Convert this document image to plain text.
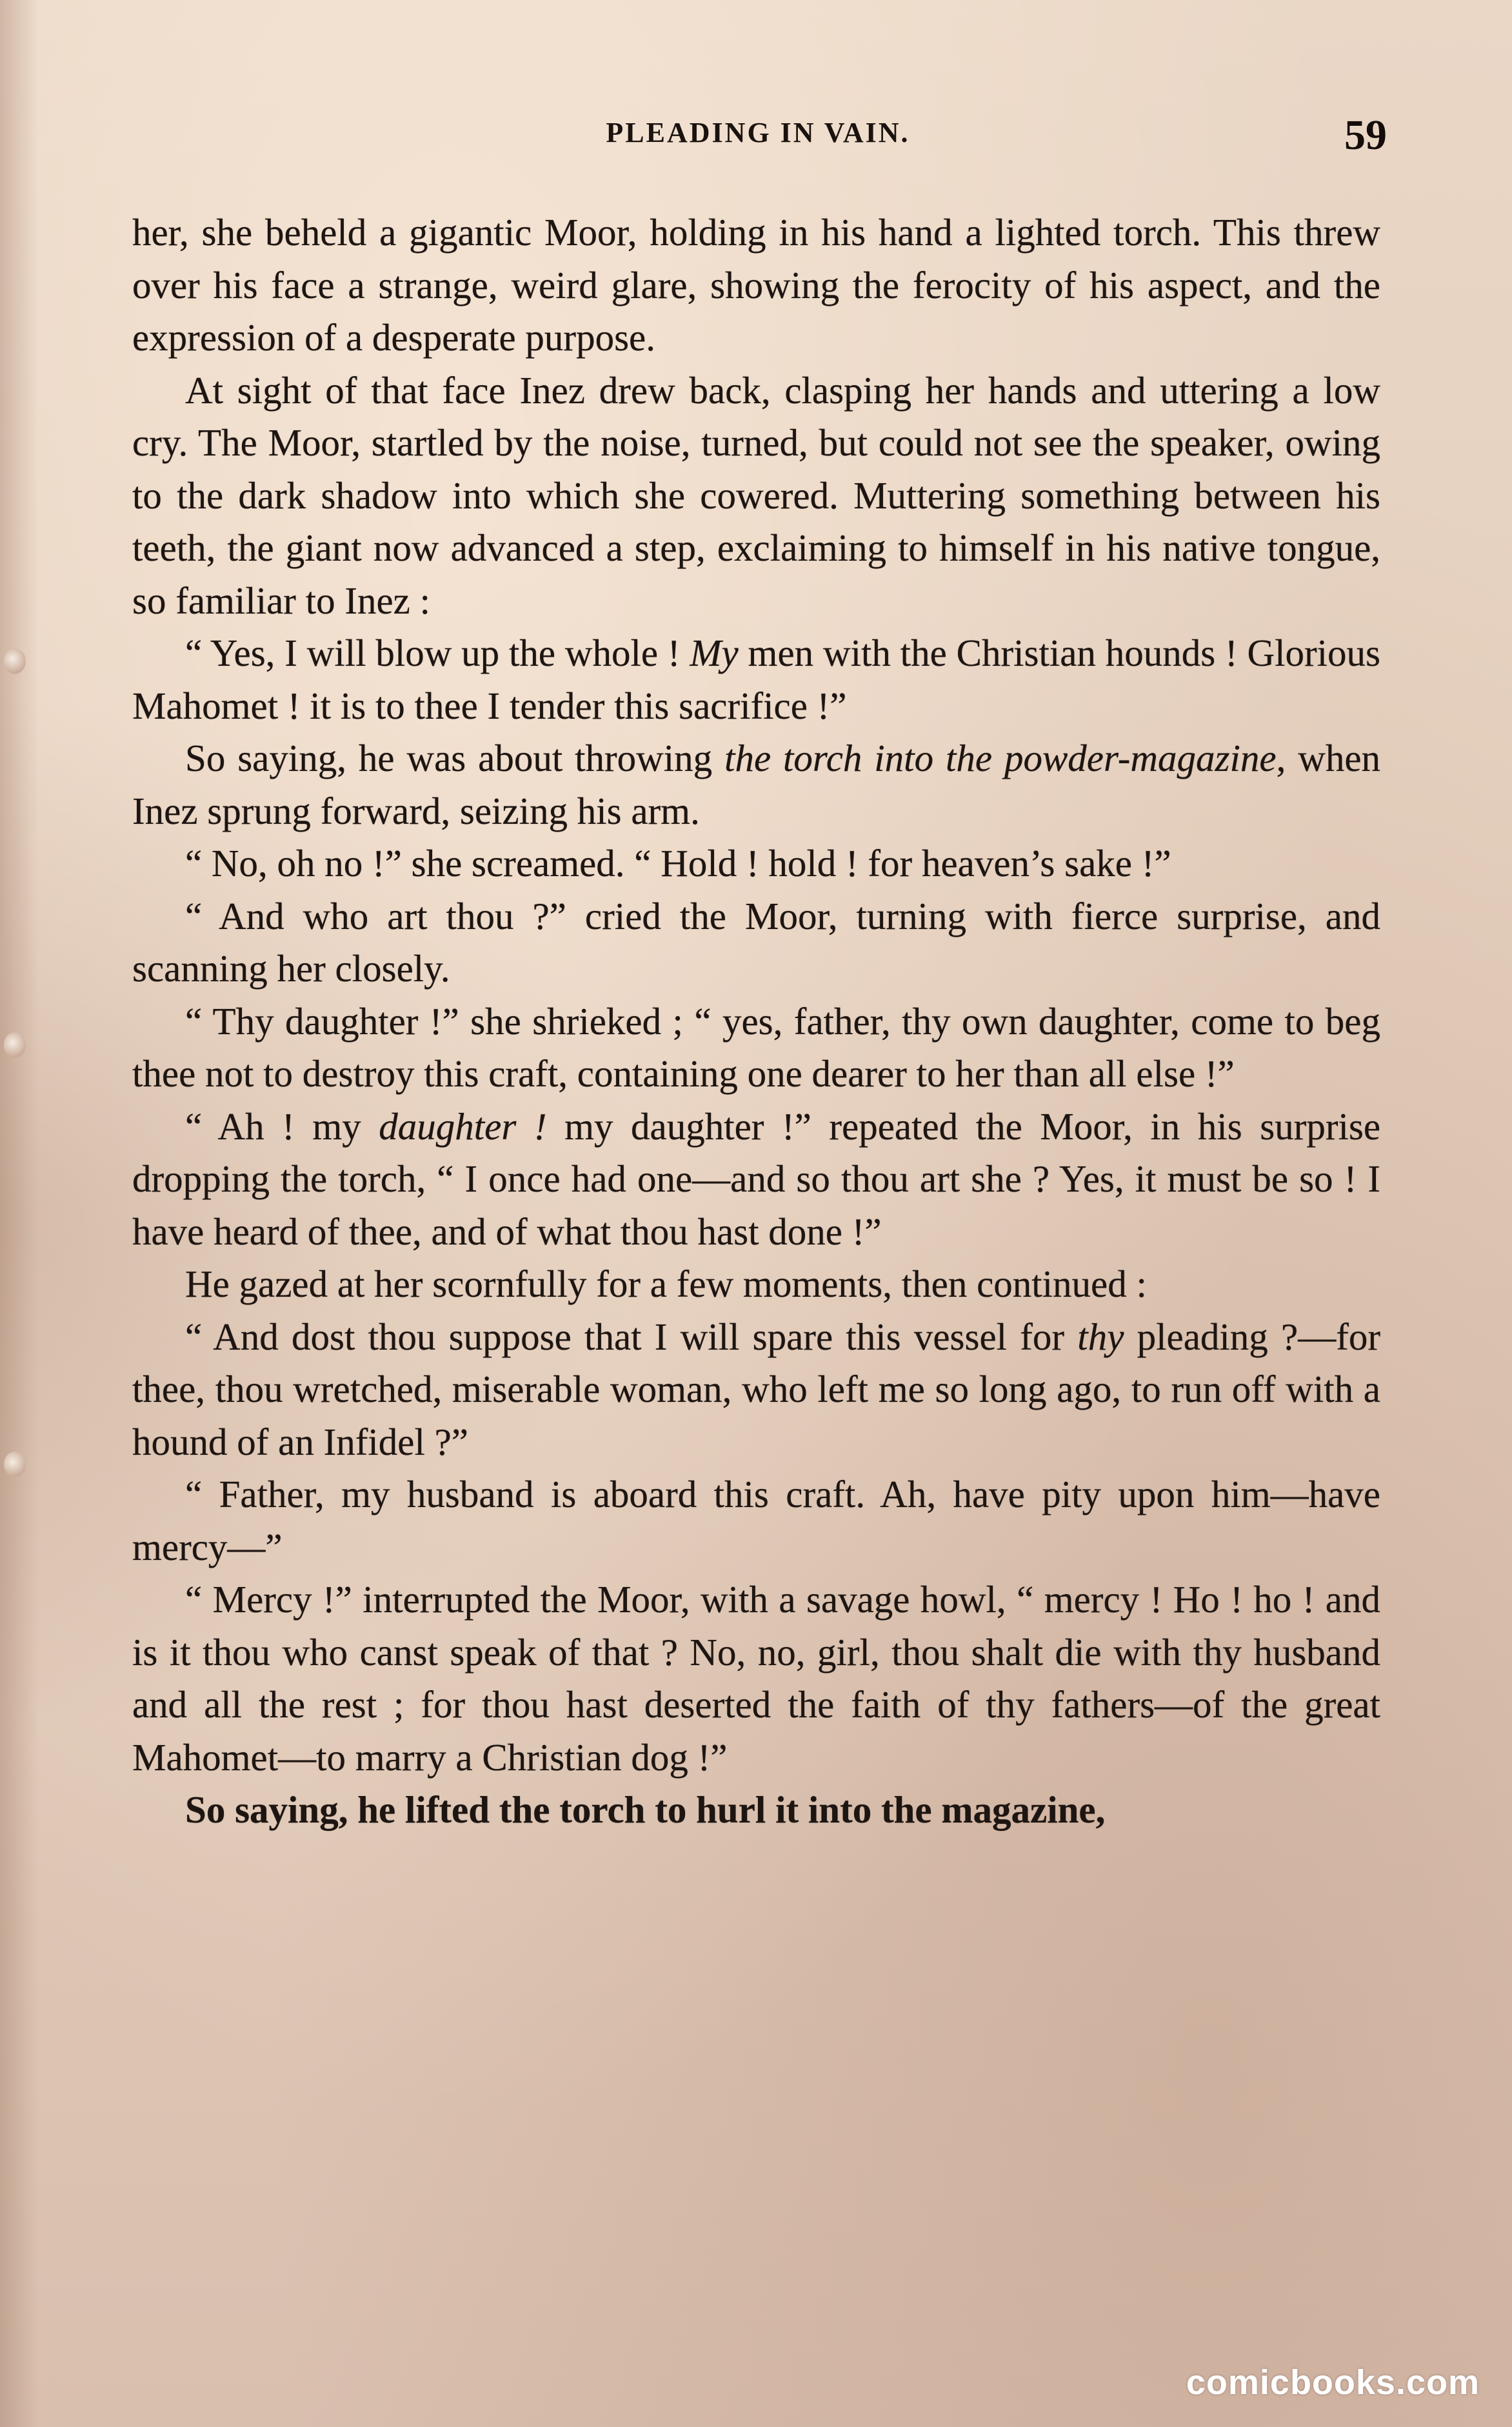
PLEADING IN VAIN.	59

her, she beheld a gigantic Moor, holding in his hand a lighted torch. This threw over his face a strange, weird glare, showing the ferocity of his aspect, and the expression of a desperate purpose.

At sight of that face Inez drew back, clasping her hands and uttering a low cry. The Moor, startled by the noise, turned, but could not see the speaker, owing to the dark shadow into which she cowered. Muttering something between his teeth, the giant now advanced a step, exclaiming to himself in his native tongue, so familiar to Inez :

“ Yes, I will blow up the whole ! My men with the Christian hounds ! Glorious Mahomet ! it is to thee I tender this sacrifice !”

So saying, he was about throwing the torch into the powder-magazine, when Inez sprung forward, seizing his arm.

“ No, oh no !” she screamed. “ Hold ! hold ! for heaven’s sake !”

“ And who art thou ?” cried the Moor, turning with fierce surprise, and scanning her closely.

“ Thy daughter !” she shrieked ; “ yes, father, thy own daughter, come to beg thee not to destroy this craft, containing one dearer to her than all else !”

“ Ah ! my daughter ! my daughter !” repeated the Moor, in his surprise dropping the torch, “ I once had one—and so thou art she ? Yes, it must be so ! I have heard of thee, and of what thou hast done !”

He gazed at her scornfully for a few moments, then continued :

“ And dost thou suppose that I will spare this vessel for thy pleading ?—for thee, thou wretched, miserable woman, who left me so long ago, to run off with a hound of an Infidel ?”

“ Father, my husband is aboard this craft. Ah, have pity upon him—have mercy—”

“ Mercy !” interrupted the Moor, with a savage howl, “ mercy ! Ho ! ho ! and is it thou who canst speak of that ? No, no, girl, thou shalt die with thy husband and all the rest ; for thou hast deserted the faith of thy fathers—of the great Mahomet—to marry a Christian dog !”

So saying, he lifted the torch to hurl it into the magazine,

comicbooks.com
